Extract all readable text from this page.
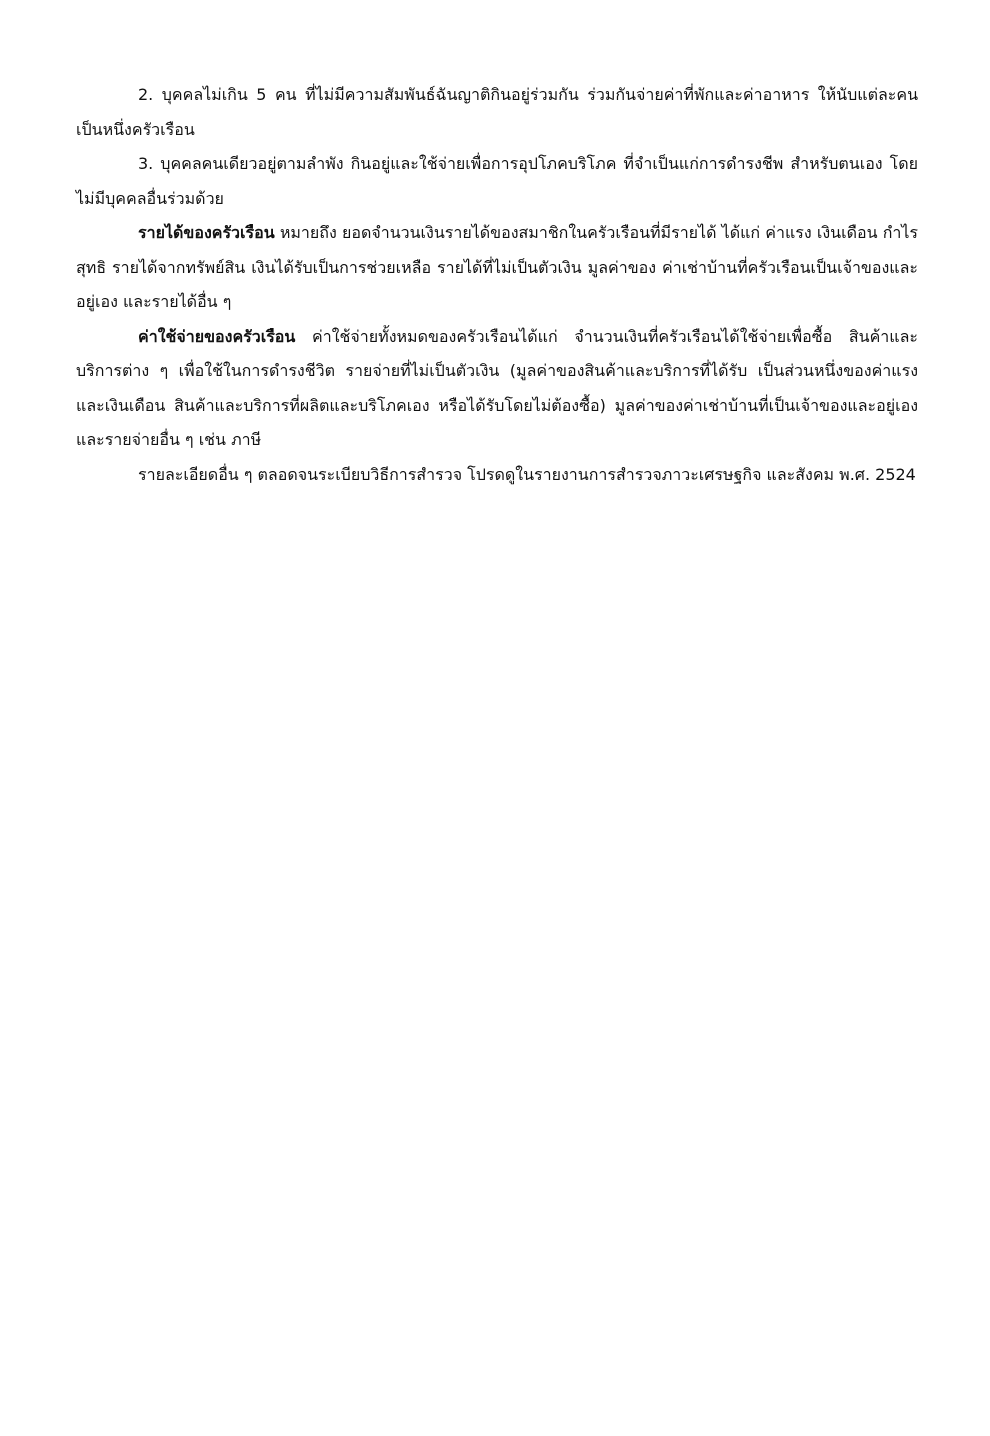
2. บุคคลไม่เกิน 5 คน ที่ไม่มีความสัมพันธ์ฉันญาติกินอยู่ร่วมกัน ร่วมกันจ่ายค่าที่พักและค่าอาหาร ให้นับแต่ละคนเป็นหนึ่งครัวเรือน

3. บุคคลคนเดียวอยู่ตามลำพัง กินอยู่และใช้จ่ายเพื่อการอุปโภคบริโภค ที่จำเป็นแก่การดำรงชีพ สำหรับตนเอง โดยไม่มีบุคคลอื่นร่วมด้วย

รายได้ของครัวเรือน หมายถึง ยอดจำนวนเงินรายได้ของสมาชิกในครัวเรือนที่มีรายได้ ได้แก่ ค่าแรง เงินเดือน กำไรสุทธิ รายได้จากทรัพย์สิน เงินได้รับเป็นการช่วยเหลือ รายได้ที่ไม่เป็นตัวเงิน มูลค่าของ ค่าเช่าบ้านที่ครัวเรือนเป็นเจ้าของและอยู่เอง และรายได้อื่น ๆ

ค่าใช้จ่ายของครัวเรือน ค่าใช้จ่ายทั้งหมดของครัวเรือนได้แก่ จำนวนเงินที่ครัวเรือนได้ใช้จ่ายเพื่อซื้อ สินค้าและบริการต่าง ๆ เพื่อใช้ในการดำรงชีวิต รายจ่ายที่ไม่เป็นตัวเงิน (มูลค่าของสินค้าและบริการที่ได้รับ เป็นส่วนหนึ่งของค่าแรงและเงินเดือน สินค้าและบริการที่ผลิตและบริโภคเอง หรือได้รับโดยไม่ต้องซื้อ) มูลค่าของค่าเช่าบ้านที่เป็นเจ้าของและอยู่เองและรายจ่ายอื่น ๆ เช่น ภาษี

รายละเอียดอื่น ๆ ตลอดจนระเบียบวิธีการสำรวจ โปรดดูในรายงานการสำรวจภาวะเศรษฐกิจ และสังคม พ.ศ. 2524
